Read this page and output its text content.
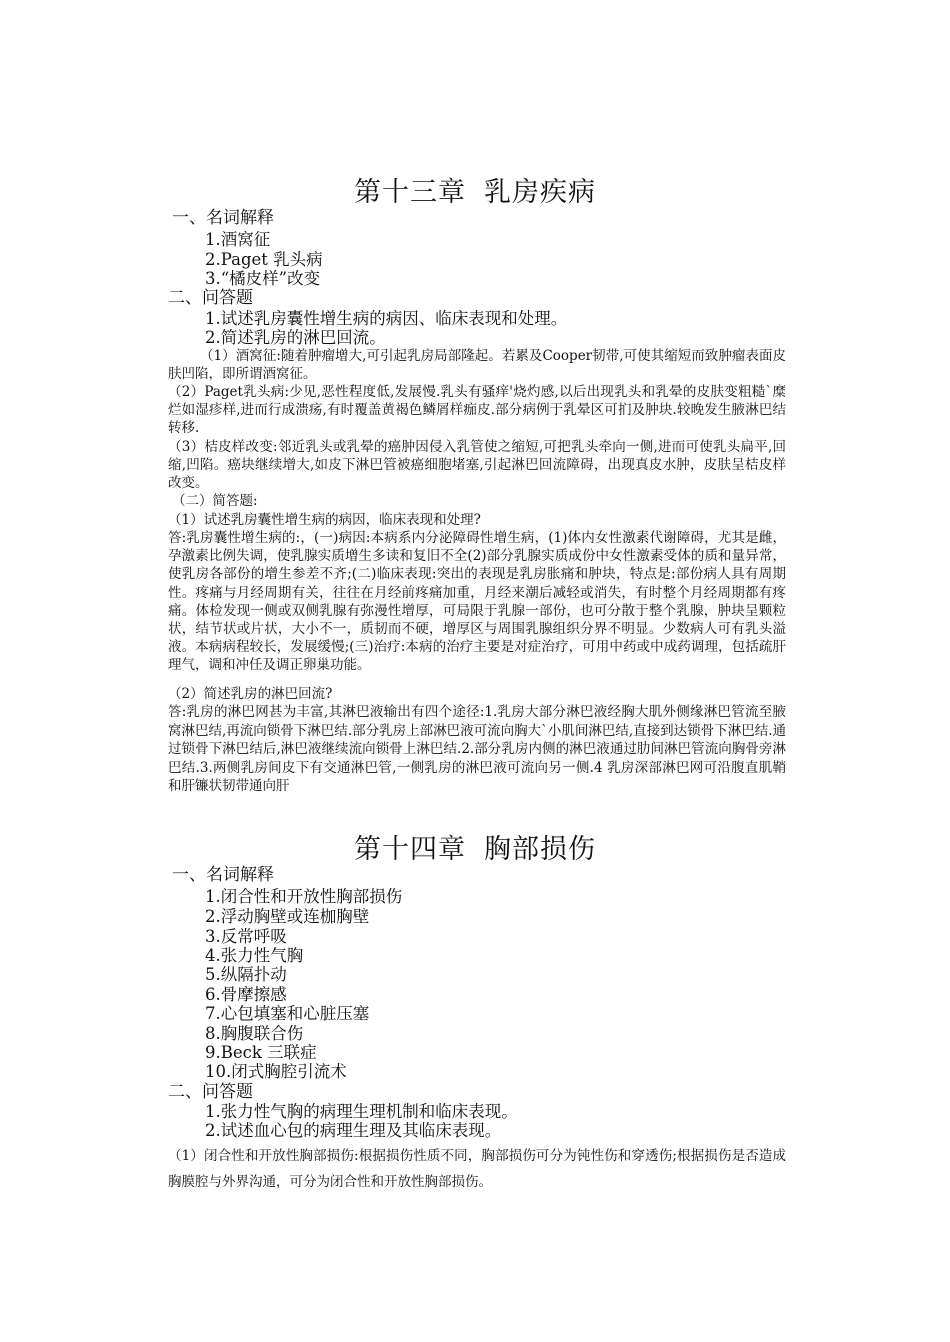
第十三章 乳房疾病
一、名词解释
1.酒窝征
2.Paget 乳头病
3.“橘皮样”改变
二、问答题
1.试述乳房囊性增生病的病因、临床表现和处理。
2.简述乳房的淋巴回流。
（1）酒窝征:随着肿瘤增大,可引起乳房局部隆起。若累及Cooper韧带,可使其缩短而致肿瘤表面皮肤凹陷，即所谓酒窝征。
（2）Paget乳头病:少见,恶性程度低,发展慢.乳头有骚痒'烧灼感,以后出现乳头和乳晕的皮肤变粗糙`糜烂如湿疹样,进而行成溃疡,有时覆盖黄褐色鳞屑样痂皮.部分病例于乳晕区可扪及肿块.较晚发生腋淋巴结转移.
（3）桔皮样改变:邻近乳头或乳晕的癌肿因侵入乳管使之缩短,可把乳头牵向一侧,进而可使乳头扁平,回缩,凹陷。癌块继续增大,如皮下淋巴管被癌细胞堵塞,引起淋巴回流障碍，出现真皮水肿，皮肤呈桔皮样改变。
（二）简答题:
（1）试述乳房囊性增生病的病因，临床表现和处理?
答:乳房囊性增生病的:，(一)病因:本病系内分泌障碍性增生病，(1)体内女性激素代谢障碍，尤其是雌，孕激素比例失调，使乳腺实质增生多读和复旧不全(2)部分乳腺实质成份中女性激素受体的质和量异常，使乳房各部份的增生参差不齐;(二)临床表现:突出的表现是乳房胀痛和肿块，特点是:部份病人具有周期性。疼痛与月经周期有关，往往在月经前疼痛加重，月经来潮后减轻或消失，有时整个月经周期都有疼痛。体检发现一侧或双侧乳腺有弥漫性增厚，可局限于乳腺一部份，也可分散于整个乳腺，肿块呈颗粒状，结节状或片状，大小不一，质韧而不硬，增厚区与周围乳腺组织分界不明显。少数病人可有乳头溢液。本病病程较长，发展缓慢;(三)治疗:本病的治疗主要是对症治疗，可用中药或中成药调理，包括疏肝理气，调和冲任及调正卵巢功能。
（2）简述乳房的淋巴回流?
答:乳房的淋巴网甚为丰富,其淋巴液输出有四个途径:1.乳房大部分淋巴液经胸大肌外侧缘淋巴管流至腋窝淋巴结,再流向锁骨下淋巴结.部分乳房上部淋巴液可流向胸大`小肌间淋巴结,直接到达锁骨下淋巴结.通过锁骨下淋巴结后,淋巴液继续流向锁骨上淋巴结.2.部分乳房内侧的淋巴液通过肋间淋巴管流向胸骨旁淋巴结.3.两侧乳房间皮下有交通淋巴管,一侧乳房的淋巴液可流向另一侧.4 乳房深部淋巴网可沿腹直肌鞘和肝镰状韧带通向肝
第十四章 胸部损伤
一、名词解释
1.闭合性和开放性胸部损伤
2.浮动胸壁或连枷胸壁
3.反常呼吸
4.张力性气胸
5.纵隔扑动
6.骨摩擦感
7.心包填塞和心脏压塞
8.胸腹联合伤
9.Beck 三联症
10.闭式胸腔引流术
二、问答题
1.张力性气胸的病理生理机制和临床表现。
2.试述血心包的病理生理及其临床表现。
（1）闭合性和开放性胸部损伤:根据损伤性质不同，胸部损伤可分为钝性伤和穿透伤;根据损伤是否造成胸膜腔与外界沟通，可分为闭合性和开放性胸部损伤。
